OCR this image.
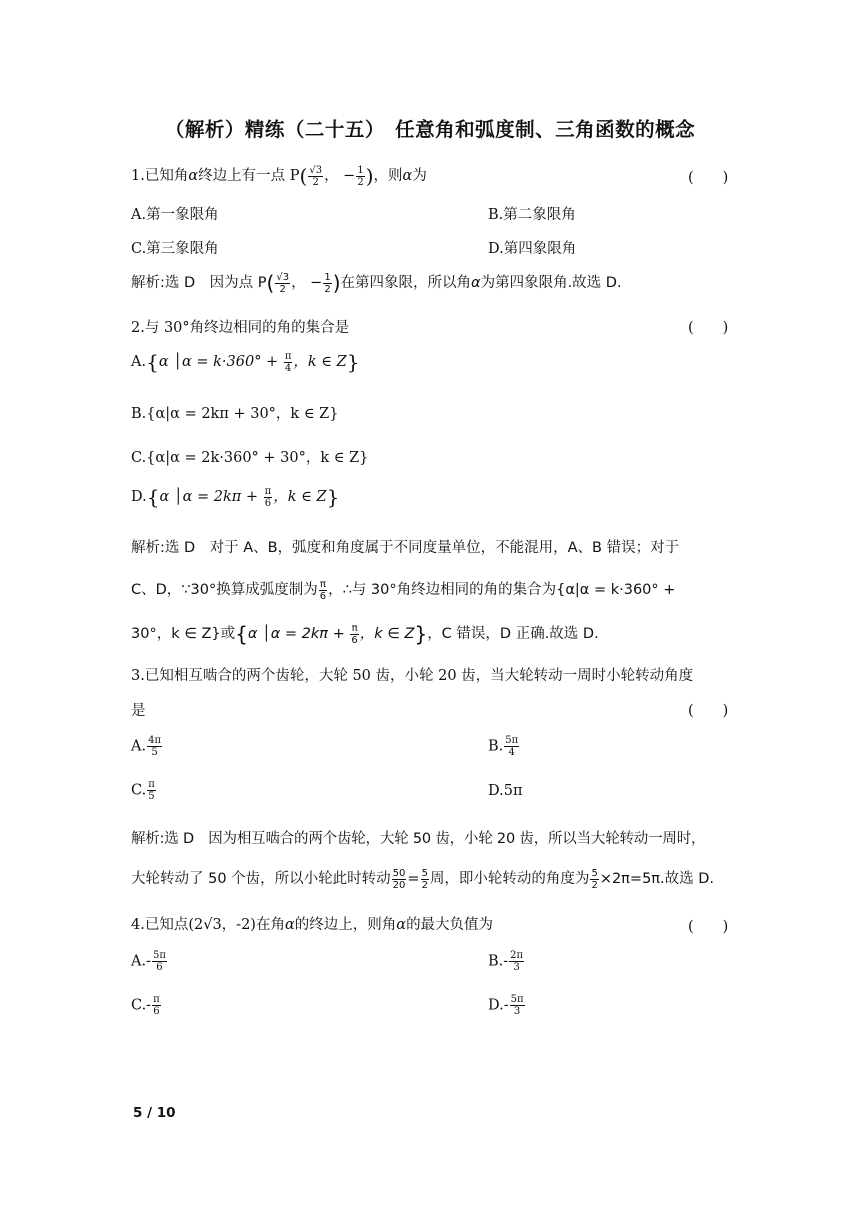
（解析）精练（二十五）　任意角和弧度制、三角函数的概念
1.已知角α终边上有一点 $P( \frac{√3}{2}$ ， − $\frac{1}{2}$ )，则α为	(　　)
A.第一象限角	B.第二象限角
C.第三象限角	D.第四象限角
解析:选 D　因为点 $P( \frac{√3}{2}$ ， − $\frac{1}{2}$ )在第四象限，所以角α为第四象限角.故选 D.
2.与 30°角终边相同的角的集合是	(　　)
A.{α │α = $k\cdot 360^\circ + \frac{\pi}{4}$ ，k ∈ Z}
B.{α|α = 2kπ + 30°，k ∈ Z}
C.{α|α = 2k·360° + 30°，k ∈ Z}
D.{α │α = $2k\pi + \frac{\pi}{6}$ ，k ∈ Z}
解析:选 D　对于 A、B，弧度和角度属于不同度量单位，不能混用，A、B 错误；对于
C、D，∵30°换算成弧度制为 $\frac{\pi}{6}$ ，∴与 30°角终边相同的角的集合为{α|α = k·360° +
30°，k ∈ Z}或{α │α = $2k\pi + \frac{\pi}{6}$ ，k ∈ Z}，C 错误，D 正确.故选 D.
3.已知相互啮合的两个齿轮，大轮 50 齿，小轮 20 齿，当大轮转动一周时小轮转动角度
是	(　　)
A. $\frac{4\pi}{5}$	B. $\frac{5\pi}{4}$
C. $\frac{\pi}{5}$	D.5π
解析:选 D　因为相互啮合的两个齿轮，大轮 50 齿，小轮 20 齿，所以当大轮转动一周时，
大轮转动了 50 个齿，所以小轮此时转动 $\frac{50}{20} = \frac{5}{2}$ 周，即小轮转动的角度为 $\frac{5}{2} \times 2\pi=5\pi$.故选 D.
4.已知点(2√3，-2)在角α的终边上，则角α的最大负值为	(　　)
$A.- \frac{5\pi}{6}$	$B.- \frac{2\pi}{3}$
$C.- \frac{\pi}{6}$	$D.- \frac{5\pi}{3}$
5 / 10
